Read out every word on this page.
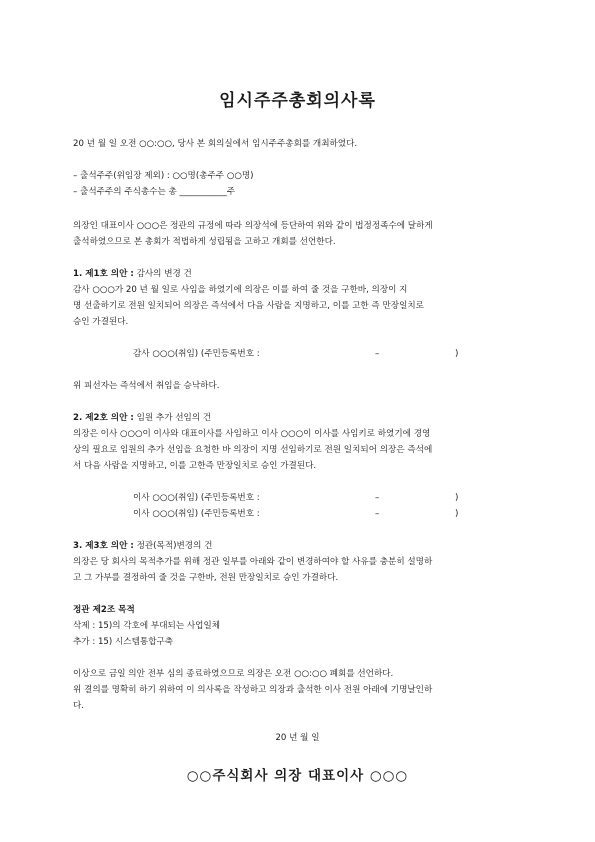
임시주주총회의사록
20 년 월 일 오전 ○○:○○, 당사 본 회의실에서 임시주주총회를 개최하였다.
– 출석주주(위임장 제외) : ○○명(총주주 ○○명)
– 출석주주의 주식총수는 총 ___________주
의장인 대표이사 ○○○은 정관의 규정에 따라 의장석에 등단하여 위와 같이 법정정족수에 달하게
출석하였으므로 본 총회가 적법하게 성립됨을 고하고 개회를 선언한다.
1. 제1호 의안 : 감사의 변경 건
감사 ○○○가 20 년 월 일로 사임을 하였기에 의장은 이를 하여 줄 것을 구한바, 의장이 지
명 선출하기로 전원 일치되어 의장은 즉석에서 다음 사람을 지명하고, 이를 고한 즉 만장일치로
승인 가결된다.
감사 ○○○(취임) (주민등록번호 :	–	)
위 피선자는 즉석에서 취임을 승낙하다.
2. 제2호 의안 : 임원 추가 선임의 건
의장은 이사 ○○○이 이사와 대표이사를 사임하고 이사 ○○○이 이사를 사임키로 하였기에 경영
상의 필요로 임원의 추가 선임을 요청한 바 의장이 지명 선임하기로 전원 일치되어 의장은 즉석에
서 다음 사람을 지명하고, 이를 고한즉 만장일치로 승인 가결된다.
이사 ○○○(취임) (주민등록번호 :	–	)
이사 ○○○(취임) (주민등록번호 :	–	)
3. 제3호 의안 : 정관(목적)변경의 건
의장은 당 회사의 목적추가를 위해 정관 일부를 아래와 같이 변경하여야 할 사유를 충분히 설명하
고 그 가부를 결정하여 줄 것을 구한바, 전원 만장일치로 승인 가결하다.
정관 제2조 목적
삭제 : 15)의 각호에 부대되는 사업일체
추가 : 15) 시스템통합구축
이상으로 금일 의안 전부 심의 종료하였으므로 의장은 오전 ○○:○○ 폐회를 선언하다.
위 결의를 명확히 하기 위하여 이 의사록을 작성하고 의장과 출석한 이사 전원 아래에 기명날인하
다.
20 년 월 일
○○주식회사 의장 대표이사 ○○○
